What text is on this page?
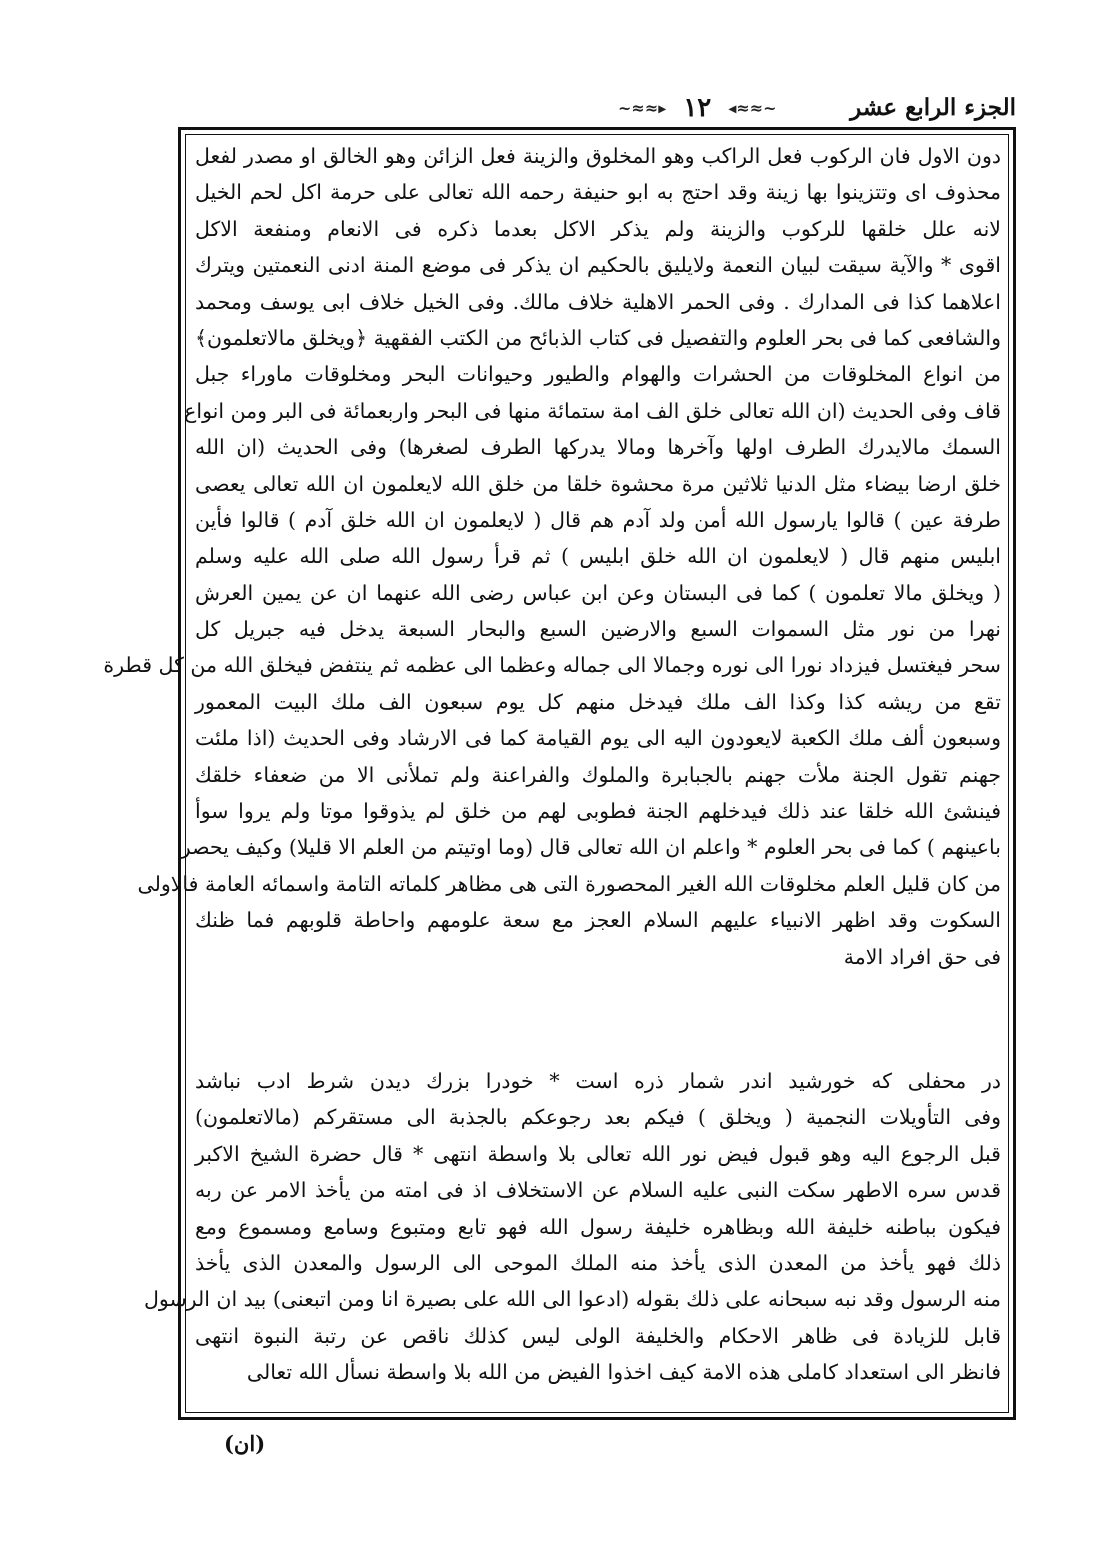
~≈≈▸ ١٢ ◂≈≈~	الجزء الرابع عشر
دون الاول فان الركوب فعل الراكب وهو المخلوق والزينة فعل الزائن وهو الخالق او مصدر لفعل
محذوف اى وتتزينوا بها زينة وقد احتج به ابو حنيفة رحمه الله تعالى على حرمة اكل لحم الخيل
لانه علل خلقها للركوب والزينة ولم يذكر الاكل بعدما ذكره فى الانعام ومنفعة الاكل
اقوى * والآية سيقت لبيان النعمة ولايليق بالحكيم ان يذكر فى موضع المنة ادنى النعمتين ويترك
اعلاهما كذا فى المدارك . وفى الحمر الاهلية خلاف مالك. وفى الخيل خلاف ابى يوسف ومحمد
والشافعى كما فى بحر العلوم والتفصيل فى كتاب الذبائح من الكتب الفقهية ﴿ويخلق مالاتعلمون﴾
من انواع المخلوقات من الحشرات والهوام والطيور وحيوانات البحر ومخلوقات ماوراء جبل
قاف وفى الحديث (ان الله تعالى خلق الف امة ستمائة منها فى البحر واربعمائة فى البر ومن انواع
السمك مالايدرك الطرف اولها وآخرها ومالا يدركها الطرف لصغرها) وفى الحديث (ان الله
خلق ارضا بيضاء مثل الدنيا ثلاثين مرة محشوة خلقا من خلق الله لايعلمون ان الله تعالى يعصى
طرفة عين ) قالوا يارسول الله أمن ولد آدم هم قال ( لايعلمون ان الله خلق آدم ) قالوا فأين
ابليس منهم قال ( لايعلمون ان الله خلق ابليس ) ثم قرأ رسول الله صلى الله عليه وسلم
( ويخلق مالا تعلمون ) كما فى البستان وعن ابن عباس رضى الله عنهما ان عن يمين العرش
نهرا من نور مثل السموات السبع والارضين السبع والبحار السبعة يدخل فيه جبريل كل
سحر فيغتسل فيزداد نورا الى نوره وجمالا الى جماله وعظما الى عظمه ثم ينتفض فيخلق الله من كل قطرة
تقع من ريشه كذا وكذا الف ملك فيدخل منهم كل يوم سبعون الف ملك البيت المعمور
وسبعون ألف ملك الكعبة لايعودون اليه الى يوم القيامة كما فى الارشاد وفى الحديث (اذا ملئت
جهنم تقول الجنة ملأت جهنم بالجبابرة والملوك والفراعنة ولم تملأنى الا من ضعفاء خلقك
فينشئ الله خلقا عند ذلك فيدخلهم الجنة فطوبى لهم من خلق لم يذوقوا موتا ولم يروا سوأ
باعينهم ) كما فى بحر العلوم * واعلم ان الله تعالى قال (وما اوتيتم من العلم الا قليلا) وكيف يحصر
من كان قليل العلم مخلوقات الله الغير المحصورة التى هى مظاهر كلماته التامة واسمائه العامة فالاولى
السكوت وقد اظهر الانبياء عليهم السلام العجز مع سعة علومهم واحاطة قلوبهم فما ظنك
فى حق افراد الامة
در محفلى كه خورشيد اندر شمار ذره است * خودرا بزرك ديدن شرط ادب نباشد
وفى التأويلات النجمية ( ويخلق ) فيكم بعد رجوعكم بالجذبة الى مستقركم (مالاتعلمون)
قبل الرجوع اليه وهو قبول فيض نور الله تعالى بلا واسطة انتهى * قال حضرة الشيخ الاكبر
قدس سره الاطهر سكت النبى عليه السلام عن الاستخلاف اذ فى امته من يأخذ الامر عن ربه
فيكون بباطنه خليفة الله وبظاهره خليفة رسول الله فهو تابع ومتبوع وسامع ومسموع ومع
ذلك فهو يأخذ من المعدن الذى يأخذ منه الملك الموحى الى الرسول والمعدن الذى يأخذ
منه الرسول وقد نبه سبحانه على ذلك بقوله (ادعوا الى الله على بصيرة انا ومن اتبعنى) بيد ان الرسول
قابل للزيادة فى ظاهر الاحكام والخليفة الولى ليس كذلك ناقص عن رتبة النبوة انتهى
فانظر الى استعداد كاملى هذه الامة كيف اخذوا الفيض من الله بلا واسطة نسأل الله تعالى
(ان)
